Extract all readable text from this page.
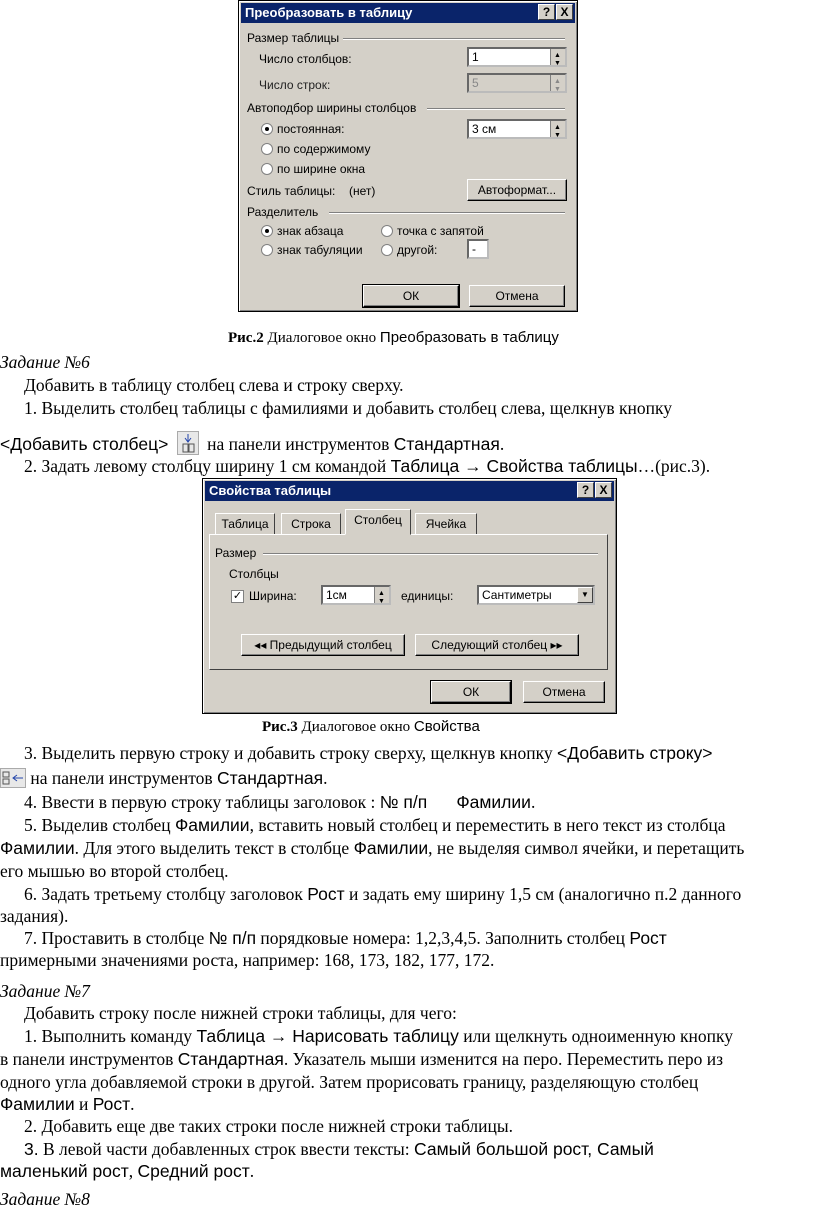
Преобразовать в таблицу	? X
Размер таблицы
Число столбцов:	1
▲ ▼
Число строк:	5
▲ ▼
Автоподбор ширины столбцов
постоянная:	3 см
▲ ▼
по содержимому
по ширине окна
Стиль таблицы: (нет)	Автоформат...
Разделитель
знак абзаца	точка с запятой
знак табуляции	другой:	-
ОК	Отмена
Рис.2 Диалоговое окно Преобразовать в таблицу
Задание №6
Добавить в таблицу столбец слева и строку сверху.
1. Выделить столбец таблицы с фамилиями и добавить столбец слева, щелкнув кнопку
<Добавить столбец>  на панели инструментов Стандартная.
2. Задать левому столбцу ширину 1 см командой Таблица → Свойства таблицы…(рис.3).
Свойства таблицы	? X
Таблица	Строка	Столбец	Ячейка
Размер
Столбцы
✓ Ширина:	1см
▲ ▼	единицы:	Сантиметры	▼
◂◂ Предыдущий столбец	Следующий столбец ▸▸
ОК	Отмена
Рис.3 Диалоговое окно Свойства
3. Выделить первую строку и добавить строку сверху, щелкнув кнопку <Добавить строку>
на панели инструментов Стандартная.
4. Ввести в первую строку таблицы заголовок : № п/п      Фамилии.
5. Выделив столбец Фамилии, вставить новый столбец и переместить в него текст из столбца
Фамилии. Для этого выделить текст в столбце Фамилии, не выделяя символ ячейки, и перетащить
его мышью во второй столбец.
6. Задать третьему столбцу заголовок Рост и задать ему ширину 1,5 см (аналогично п.2 данного
задания).
7. Проставить в столбце № п/п порядковые номера: 1,2,3,4,5. Заполнить столбец Рост
примерными значениями роста, например: 168, 173, 182, 177, 172.
Задание №7
Добавить строку после нижней строки таблицы, для чего:
1. Выполнить команду Таблица → Нарисовать таблицу или щелкнуть одноименную кнопку
в панели инструментов Стандартная. Указатель мыши изменится на перо. Переместить перо из
одного угла добавляемой строки в другой. Затем прорисовать границу, разделяющую столбец
Фамилии и Рост.
2. Добавить еще две таких строки после нижней строки таблицы.
3. В левой части добавленных строк ввести тексты: Самый большой рост, Самый
маленький рост, Средний рост.
Задание №8
